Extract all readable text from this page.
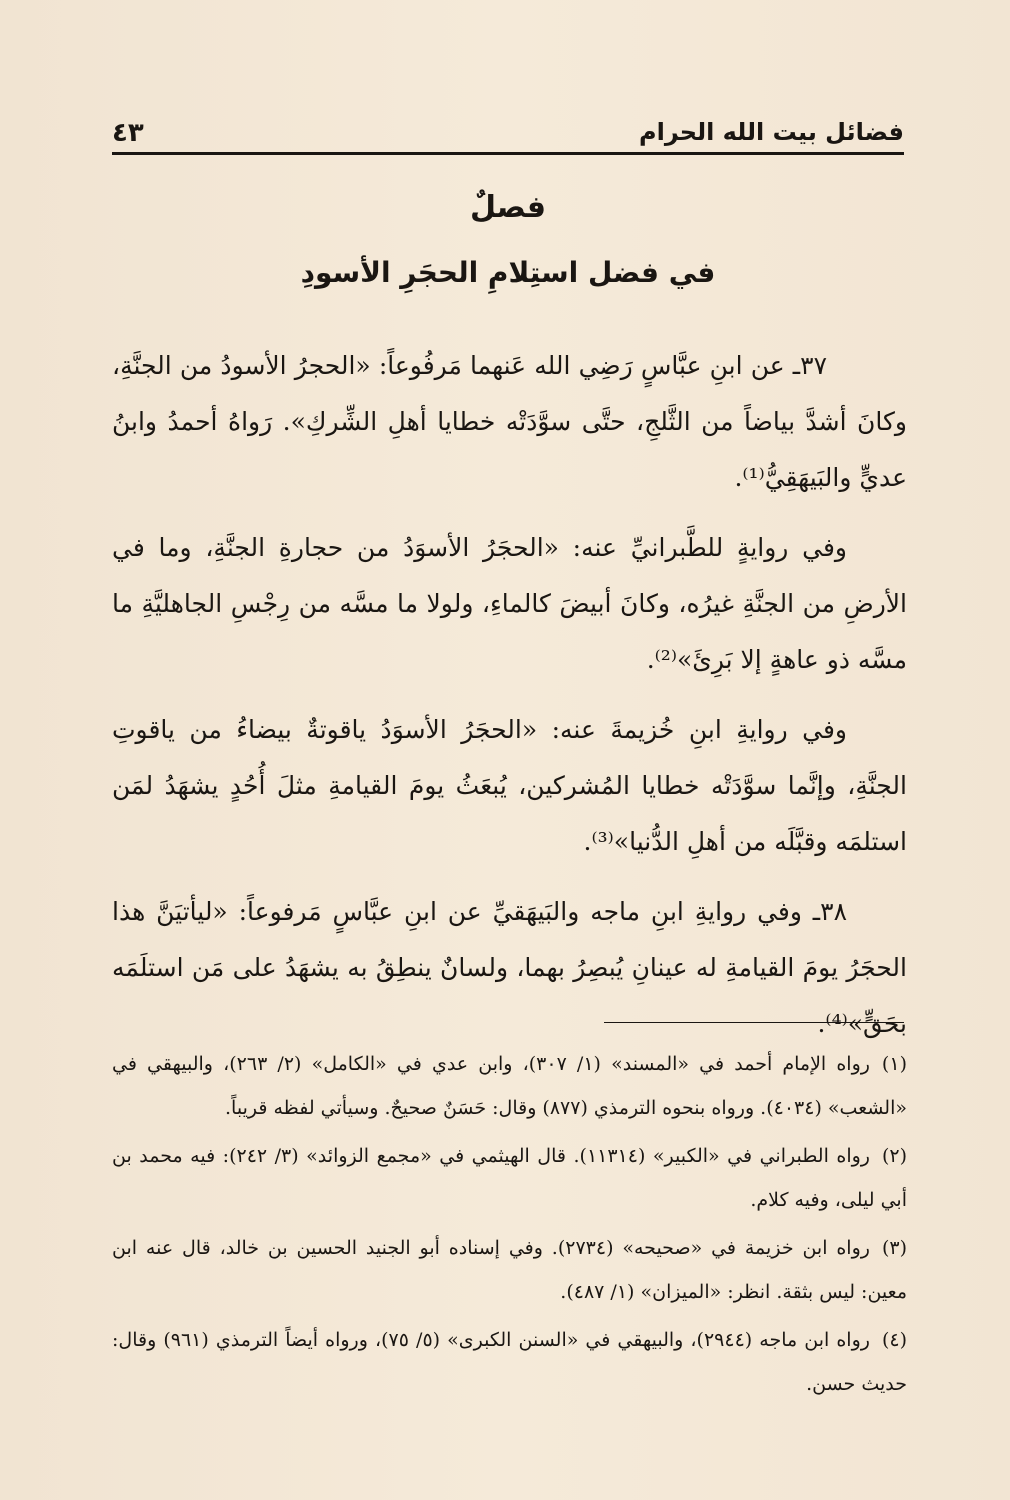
فضائل بيت الله الحرام
٤٣
فصلٌ
في فضل استِلامِ الحجَرِ الأسودِ

٣٧ـ عن ابنِ عبَّاسٍ رَضِي الله عَنهما مَرفُوعاً: «الحجرُ الأسودُ من الجنَّةِ، وكانَ أشدَّ بياضاً من الثَّلجِ، حتَّى سوَّدَتْه خطايا أهلِ الشِّركِ». رَواهُ أحمدُ وابنُ عديٍّ والبَيهَقِيُّ⁽¹⁾.

وفي روايةٍ للطَّبرانيِّ عنه: «الحجَرُ الأسوَدُ من حجارةِ الجنَّةِ، وما في الأرضِ من الجنَّةِ غيرُه، وكانَ أبيضَ كالماءِ، ولولا ما مسَّه من رِجْسِ الجاهليَّةِ ما مسَّه ذو عاهةٍ إلا بَرِئَ»⁽²⁾.

وفي روايةِ ابنِ خُزيمةَ عنه: «الحجَرُ الأسوَدُ ياقوتةٌ بيضاءُ من ياقوتِ الجنَّةِ، وإنَّما سوَّدَتْه خطايا المُشركين، يُبعَثُ يومَ القيامةِ مثلَ أُحُدٍ يشهَدُ لمَن استلمَه وقبَّلَه من أهلِ الدُّنيا»⁽³⁾.

٣٨ـ وفي روايةِ ابنِ ماجه والبَيهَقيِّ عن ابنِ عبَّاسٍ مَرفوعاً: «ليأتيَنَّ هذا الحجَرُ يومَ القيامةِ له عينانِ يُبصِرُ بهما، ولسانٌ ينطِقُ به يشهَدُ على مَن استلَمَه بحَقٍّ»⁽⁴⁾.

(١)رواه الإمام أحمد في «المسند» (١/ ٣٠٧)، وابن عدي في «الكامل» (٢/ ٢٦٣)، والبيهقي في «الشعب» (٤٠٣٤). ورواه بنحوه الترمذي (٨٧٧) وقال: حَسَنٌ صحيحٌ. وسيأتي لفظه قريباً.
(٢)رواه الطبراني في «الكبير» (١١٣١٤). قال الهيثمي في «مجمع الزوائد» (٣/ ٢٤٢): فيه محمد بن أبي ليلى، وفيه كلام.
(٣)رواه ابن خزيمة في «صحيحه» (٢٧٣٤). وفي إسناده أبو الجنيد الحسين بن خالد، قال عنه ابن معين: ليس بثقة. انظر: «الميزان» (١/ ٤٨٧).
(٤)رواه ابن ماجه (٢٩٤٤)، والبيهقي في «السنن الكبرى» (٥/ ٧٥)، ورواه أيضاً الترمذي (٩٦١) وقال: حديث حسن.
